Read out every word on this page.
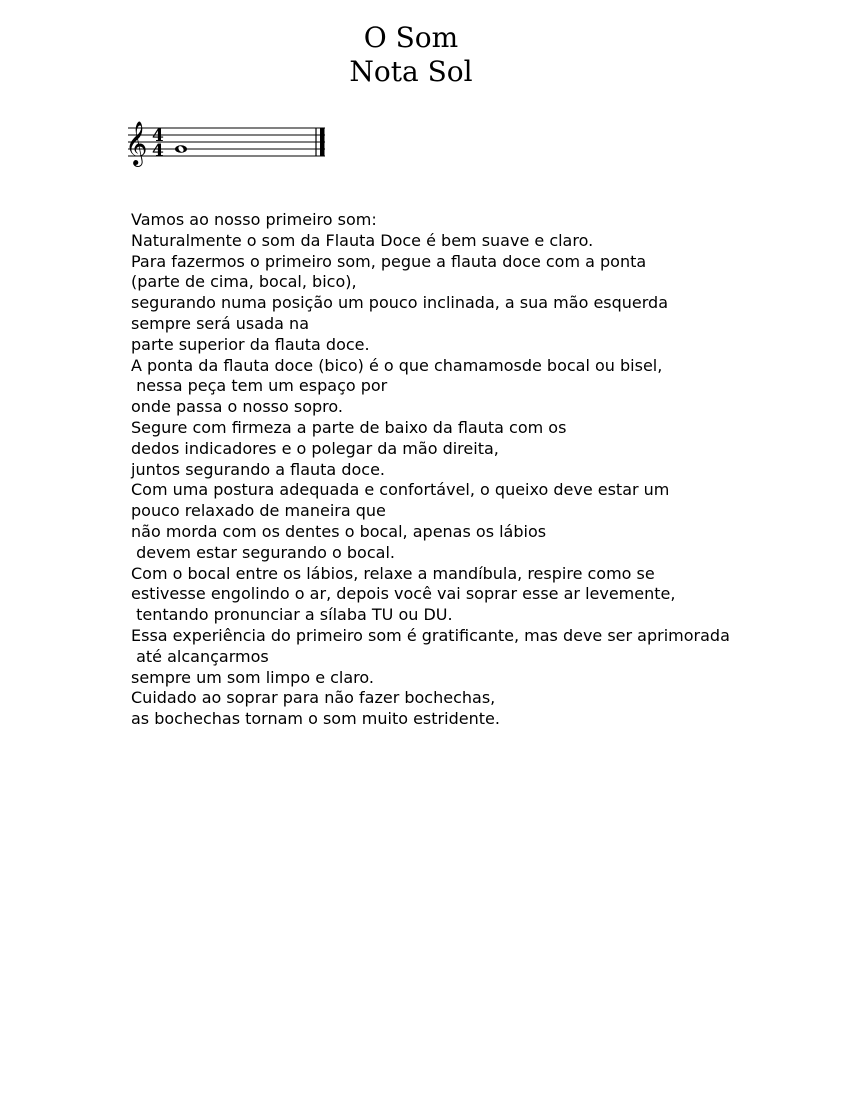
O Som
Nota Sol
𝄞 4
4
Vamos ao nosso primeiro som:
Naturalmente o som da Flauta Doce é bem suave e claro.
Para fazermos o primeiro som, pegue a flauta doce com a ponta
(parte de cima, bocal, bico),
segurando numa posição um pouco inclinada, a sua mão esquerda
sempre será usada na
parte superior da flauta doce.
A ponta da flauta doce (bico) é o que chamamosde bocal ou bisel,
nessa peça tem um espaço por
onde passa o nosso sopro.
Segure com firmeza a parte de baixo da flauta com os
dedos indicadores e o polegar da mão direita,
juntos segurando a flauta doce.
Com uma postura adequada e confortável, o queixo deve estar um
pouco relaxado de maneira que
não morda com os dentes o bocal, apenas os lábios
devem estar segurando o bocal.
Com o bocal entre os lábios, relaxe a mandíbula, respire como se
estivesse engolindo o ar, depois você vai soprar esse ar levemente,
tentando pronunciar a sílaba TU ou DU.
Essa experiência do primeiro som é gratificante, mas deve ser aprimorada
até alcançarmos
sempre um som limpo e claro.
Cuidado ao soprar para não fazer bochechas,
as bochechas tornam o som muito estridente.
